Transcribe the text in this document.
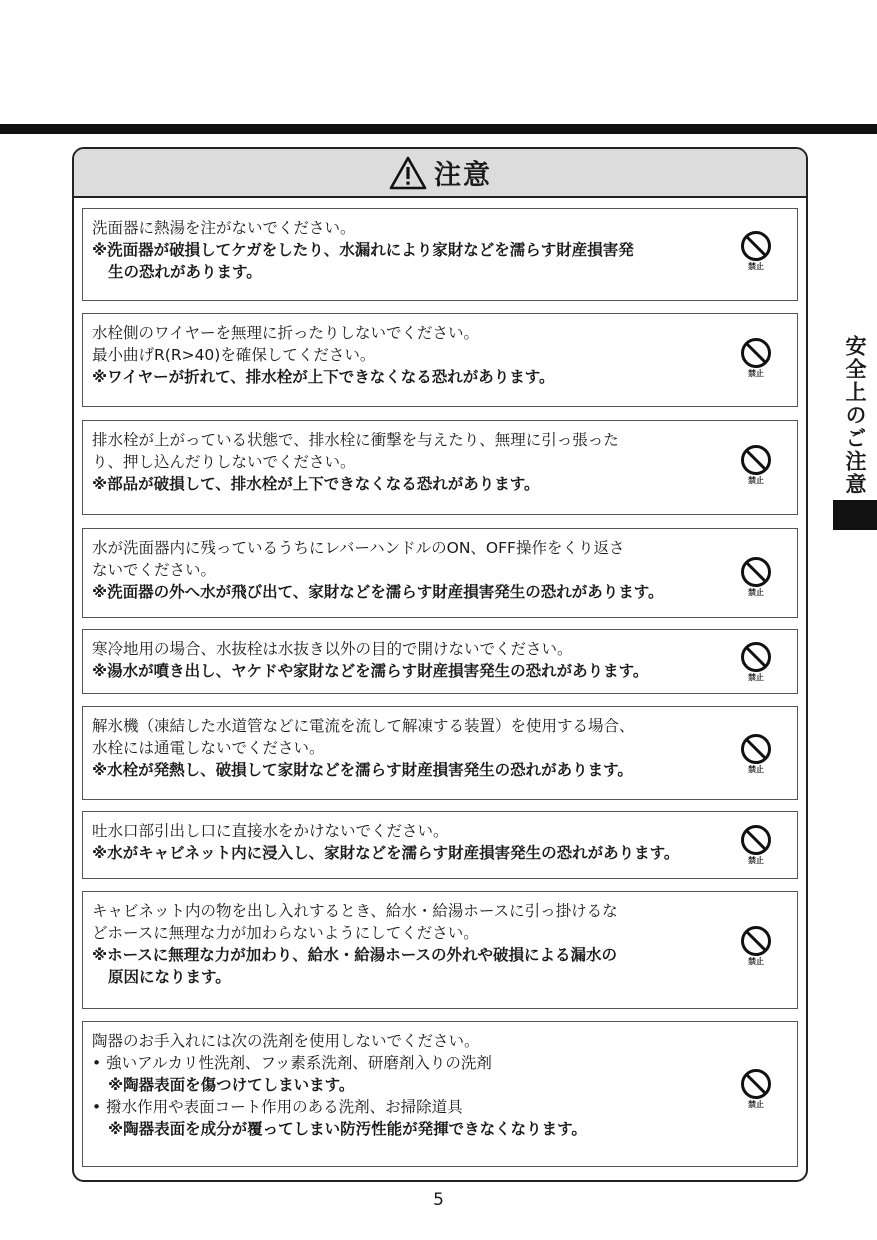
注意
洗面器に熱湯を注がないでください。
※洗面器が破損してケガをしたり、水漏れにより家財などを濡らす財産損害発
生の恐れがあります。	禁止
水栓側のワイヤーを無理に折ったりしないでください。
最小曲げR(R>40)を確保してください。
※ワイヤーが折れて、排水栓が上下できなくなる恐れがあります。	禁止
排水栓が上がっている状態で、排水栓に衝撃を与えたり、無理に引っ張った
り、押し込んだりしないでください。
※部品が破損して、排水栓が上下できなくなる恐れがあります。	禁止
水が洗面器内に残っているうちにレバーハンドルのON、OFF操作をくり返さ
ないでください。
※洗面器の外へ水が飛び出て、家財などを濡らす財産損害発生の恐れがあります。	禁止
寒冷地用の場合、水抜栓は水抜き以外の目的で開けないでください。
※湯水が噴き出し、ヤケドや家財などを濡らす財産損害発生の恐れがあります。	禁止
解氷機（凍結した水道管などに電流を流して解凍する装置）を使用する場合、
水栓には通電しないでください。
※水栓が発熱し、破損して家財などを濡らす財産損害発生の恐れがあります。	禁止
吐水口部引出し口に直接水をかけないでください。
※水がキャビネット内に浸入し、家財などを濡らす財産損害発生の恐れがあります。	禁止
キャビネット内の物を出し入れするとき、給水・給湯ホースに引っ掛けるな
どホースに無理な力が加わらないようにしてください。
※ホースに無理な力が加わり、給水・給湯ホースの外れや破損による漏水の
原因になります。
禁止
陶器のお手入れには次の洗剤を使用しないでください。
• 強いアルカリ性洗剤、フッ素系洗剤、研磨剤入りの洗剤
※陶器表面を傷つけてしまいます。
• 撥水作用や表面コート作用のある洗剤、お掃除道具
※陶器表面を成分が覆ってしまい防汚性能が発揮できなくなります。
禁止
安全上のご注意
5
